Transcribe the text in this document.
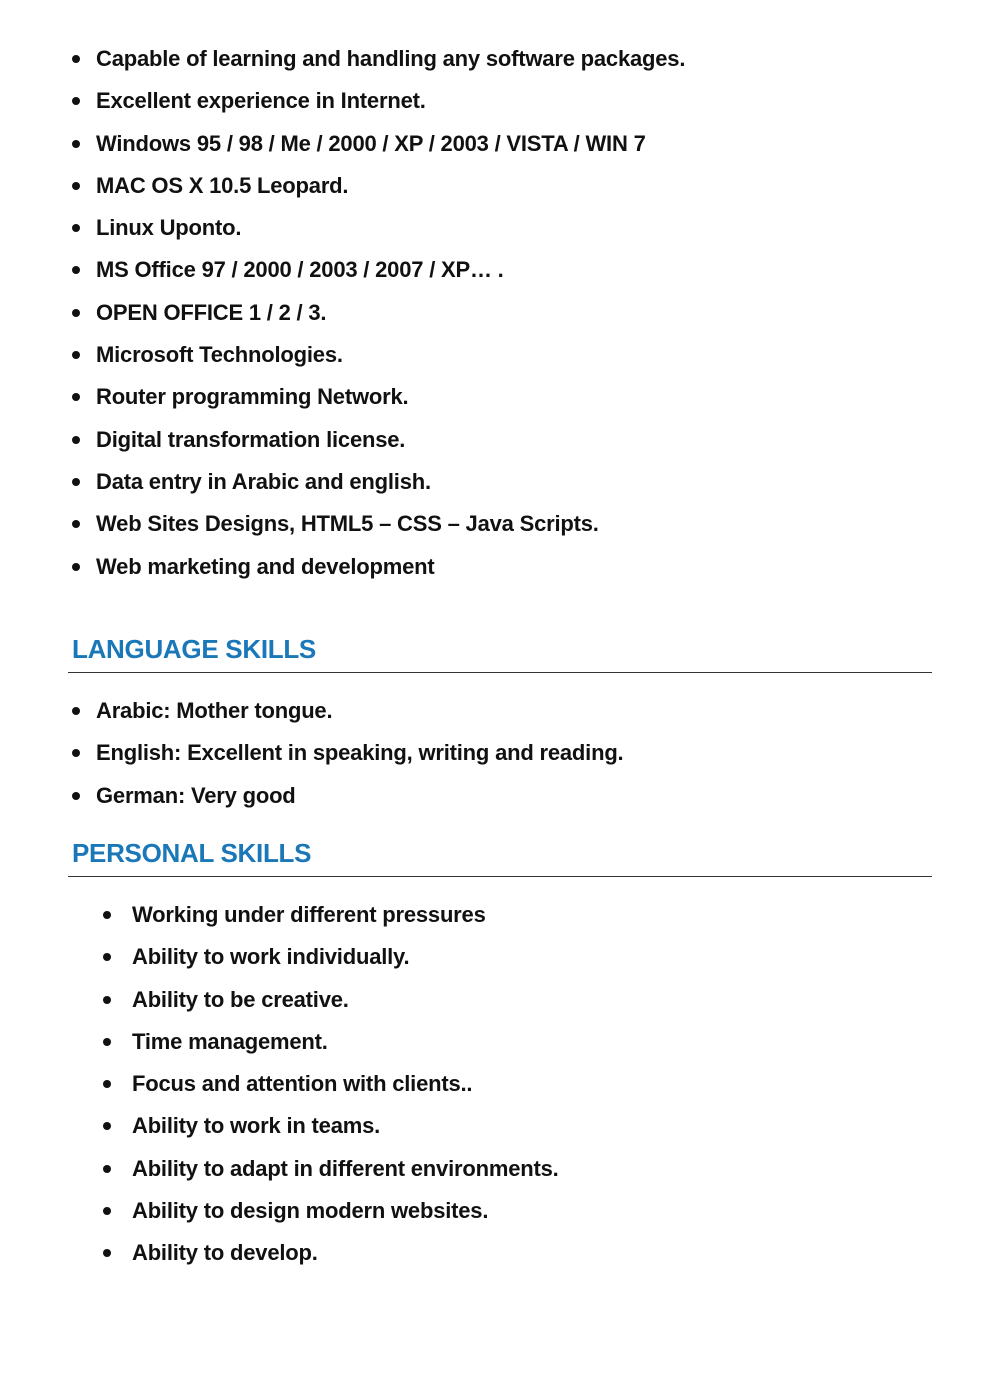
Capable of learning and handling any software packages.
Excellent experience in Internet.
Windows 95 / 98 / Me / 2000 / XP / 2003 / VISTA / WIN 7
MAC OS X 10.5 Leopard.
Linux Uponto.
MS Office 97 / 2000 / 2003 / 2007 / XP… .
OPEN OFFICE 1 / 2 / 3.
Microsoft Technologies.
Router programming Network.
Digital transformation license.
Data entry in Arabic and english.
Web Sites Designs, HTML5 – CSS – Java Scripts.
Web marketing and development
LANGUAGE SKILLS
Arabic: Mother tongue.
English: Excellent in speaking, writing and reading.
German: Very good
PERSONAL SKILLS
Working under different pressures
Ability to work individually.
Ability to be creative.
Time management.
Focus and attention with clients..
Ability to work in teams.
Ability to adapt in different environments.
Ability to design modern websites.
Ability to develop.
